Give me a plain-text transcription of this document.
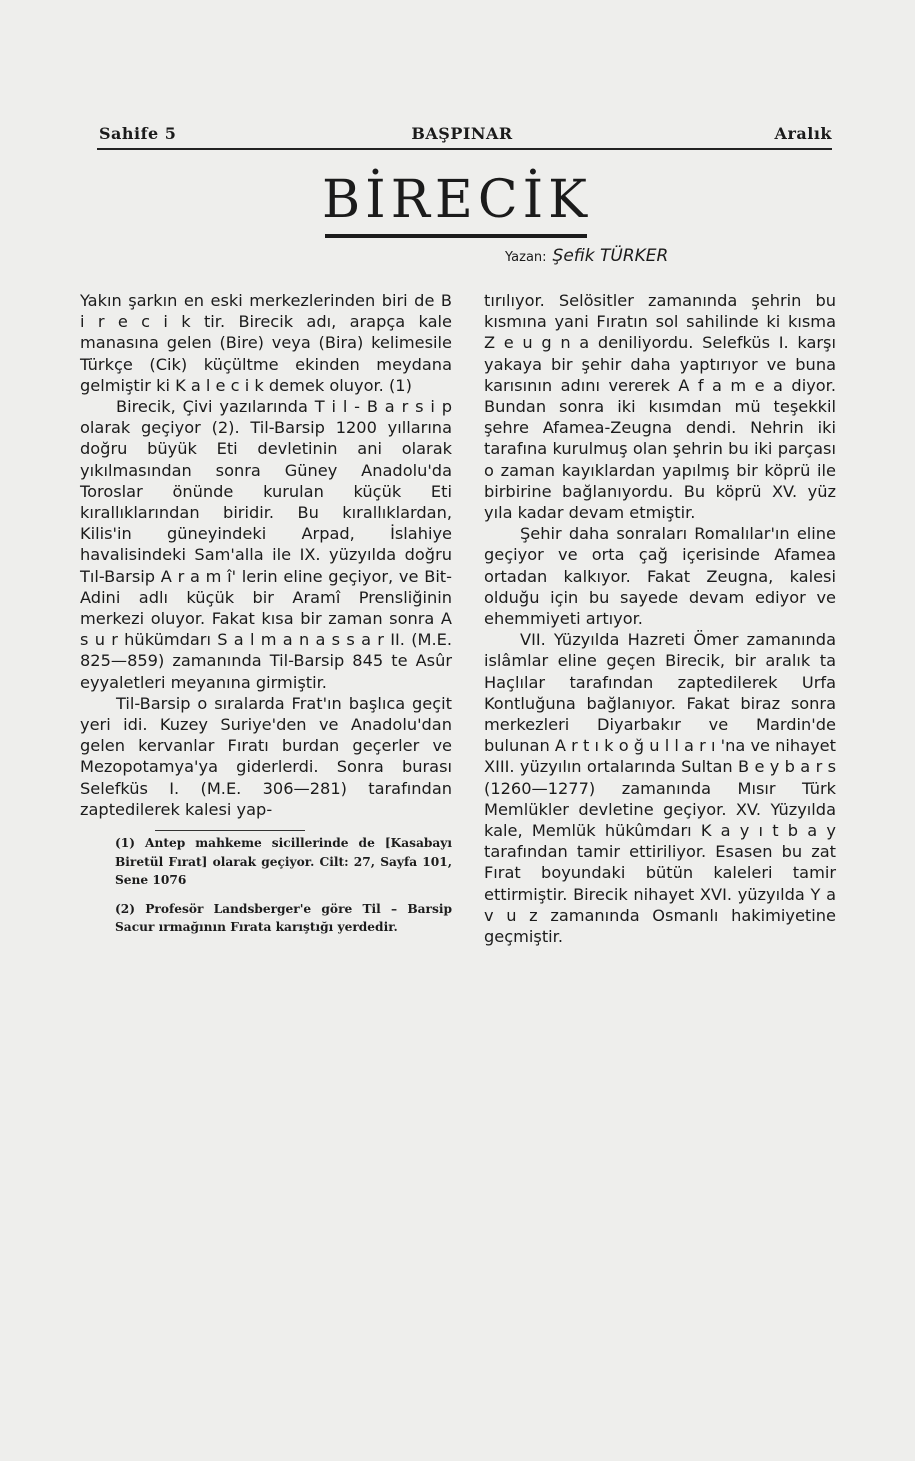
Sahife 5	BAŞPINAR	Aralık
BİRECİK
Yazan: Şefik TÜRKER

Yakın şarkın en eski merkezlerinden biri de B i r e c i k tir. Birecik adı, arapça kale manasına gelen (Bire) veya (Bira) kelimesile Türkçe (Cik) küçültme ekinden meydana gelmiştir ki K a l e c i k demek oluyor. (1)

Birecik, Çivi yazılarında T i l - B a r s i p olarak geçiyor (2). Til-Barsip 1200 yıllarına doğru büyük Eti devletinin ani olarak yıkılmasından sonra Güney Anadolu'da Toroslar önünde kurulan küçük Eti kırallıklarından biridir. Bu kırallıklardan, Kilis'in güneyindeki Arpad, İslahiye havalisindeki Sam'alla ile IX. yüzyılda doğru Tıl-Barsip A r a m î' lerin eline geçiyor, ve Bit-Adini adlı küçük bir Aramî Prensliğinin merkezi oluyor. Fakat kısa bir zaman sonra A s u r hükümdarı S a l m a n a s s a r II. (M.E. 825—859) zamanında Til-Barsip 845 te Asûr eyyaletleri meyanına girmiştir.

Til-Barsip o sıralarda Frat'ın başlıca geçit yeri idi. Kuzey Suriye'den ve Anadolu'dan gelen kervanlar Fıratı burdan geçerler ve Mezopotamya'ya giderlerdi. Sonra burası Selefküs I. (M.E. 306—281) tarafından zaptedilerek kalesi yap-

(1) Antep mahkeme sicillerinde de [Kasabayı Biretül Fırat] olarak geçiyor. Cilt: 27, Sayfa 101, Sene 1076

(2) Profesör Landsberger'e göre Til – Barsip Sacur ırmağının Fırata karıştığı yerdedir.

tırılıyor. Selösitler zamanında şehrin bu kısmına yani Fıratın sol sahilinde ki kısma Z e u g n a deniliyordu. Selefküs I. karşı yakaya bir şehir daha yaptırıyor ve buna karısının adını vererek A f a m e a diyor. Bundan sonra iki kısımdan mü teşekkil şehre Afamea-Zeugna dendi. Nehrin iki tarafına kurulmuş olan şehrin bu iki parçası o zaman kayıklardan yapılmış bir köprü ile birbirine bağlanıyordu. Bu köprü XV. yüz yıla kadar devam etmiştir.

Şehir daha sonraları Romalılar'ın eline geçiyor ve orta çağ içerisinde Afamea ortadan kalkıyor. Fakat Zeugna, kalesi olduğu için bu sayede devam ediyor ve ehemmiyeti artıyor.

VII. Yüzyılda Hazreti Ömer zamanında islâmlar eline geçen Birecik, bir aralık ta Haçlılar tarafından zaptedilerek Urfa Kontluğuna bağlanıyor. Fakat biraz sonra merkezleri Diyarbakır ve Mardin'de bulunan A r t ı k o ğ u l l a r ı 'na ve nihayet XIII. yüzyılın ortalarında Sultan B e y b a r s (1260—1277) zamanında Mısır Türk Memlükler devletine geçiyor. XV. Yüzyılda kale, Memlük hükûmdarı K a y ı t b a y tarafından tamir ettiriliyor. Esasen bu zat Fırat boyundaki bütün kaleleri tamir ettirmiştir. Birecik nihayet XVI. yüzyılda Y a v u z zamanında Osmanlı hakimiyetine geçmiştir.
